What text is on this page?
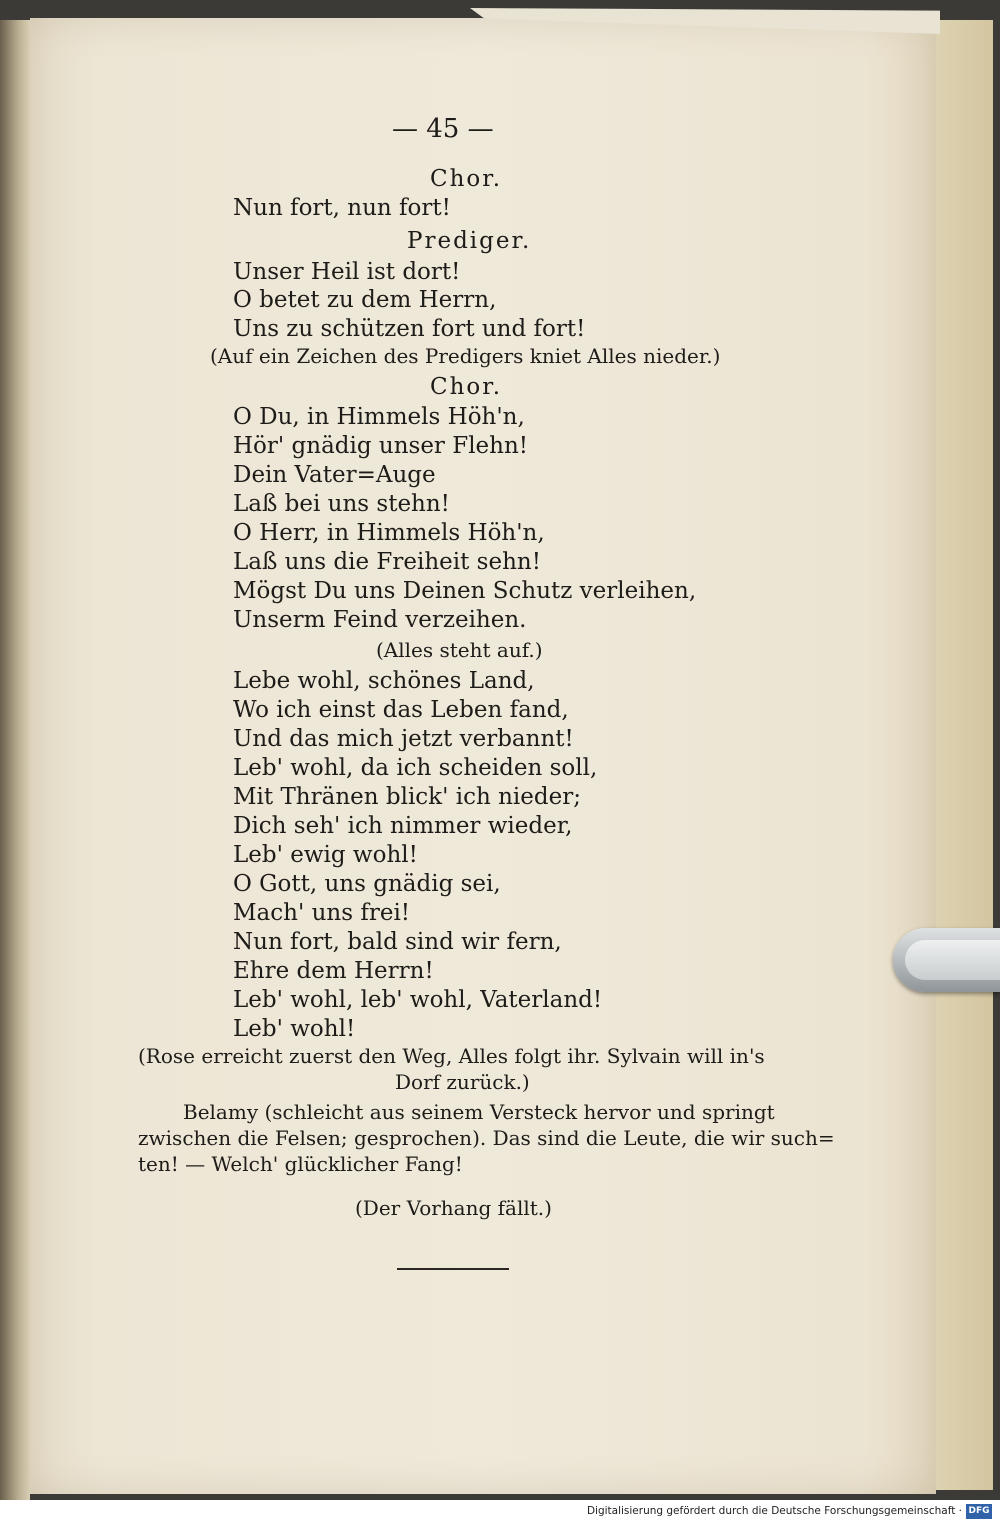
— 45 —
Chor.
Nun fort, nun fort!
Prediger.
Unser Heil ist dort!
O betet zu dem Herrn,
Uns zu schützen fort und fort!
(Auf ein Zeichen des Predigers kniet Alles nieder.)
Chor.
O Du, in Himmels Höh'n,
Hör' gnädig unser Flehn!
Dein Vater=Auge
Laß bei uns stehn!
O Herr, in Himmels Höh'n,
Laß uns die Freiheit sehn!
Mögst Du uns Deinen Schutz verleihen,
Unserm Feind verzeihen.
(Alles steht auf.)
Lebe wohl, schönes Land,
Wo ich einst das Leben fand,
Und das mich jetzt verbannt!
Leb' wohl, da ich scheiden soll,
Mit Thränen blick' ich nieder;
Dich seh' ich nimmer wieder,
Leb' ewig wohl!
O Gott, uns gnädig sei,
Mach' uns frei!
Nun fort, bald sind wir fern,
Ehre dem Herrn!
Leb' wohl, leb' wohl, Vaterland!
Leb' wohl!
(Rose erreicht zuerst den Weg, Alles folgt ihr. Sylvain will in's
Dorf zurück.)
Belamy (schleicht aus seinem Versteck hervor und springt
zwischen die Felsen; gesprochen). Das sind die Leute, die wir such=
ten! — Welch' glücklicher Fang!
(Der Vorhang fällt.)
Digitalisierung gefördert durch die Deutsche Forschungsgemeinschaft · DFG
